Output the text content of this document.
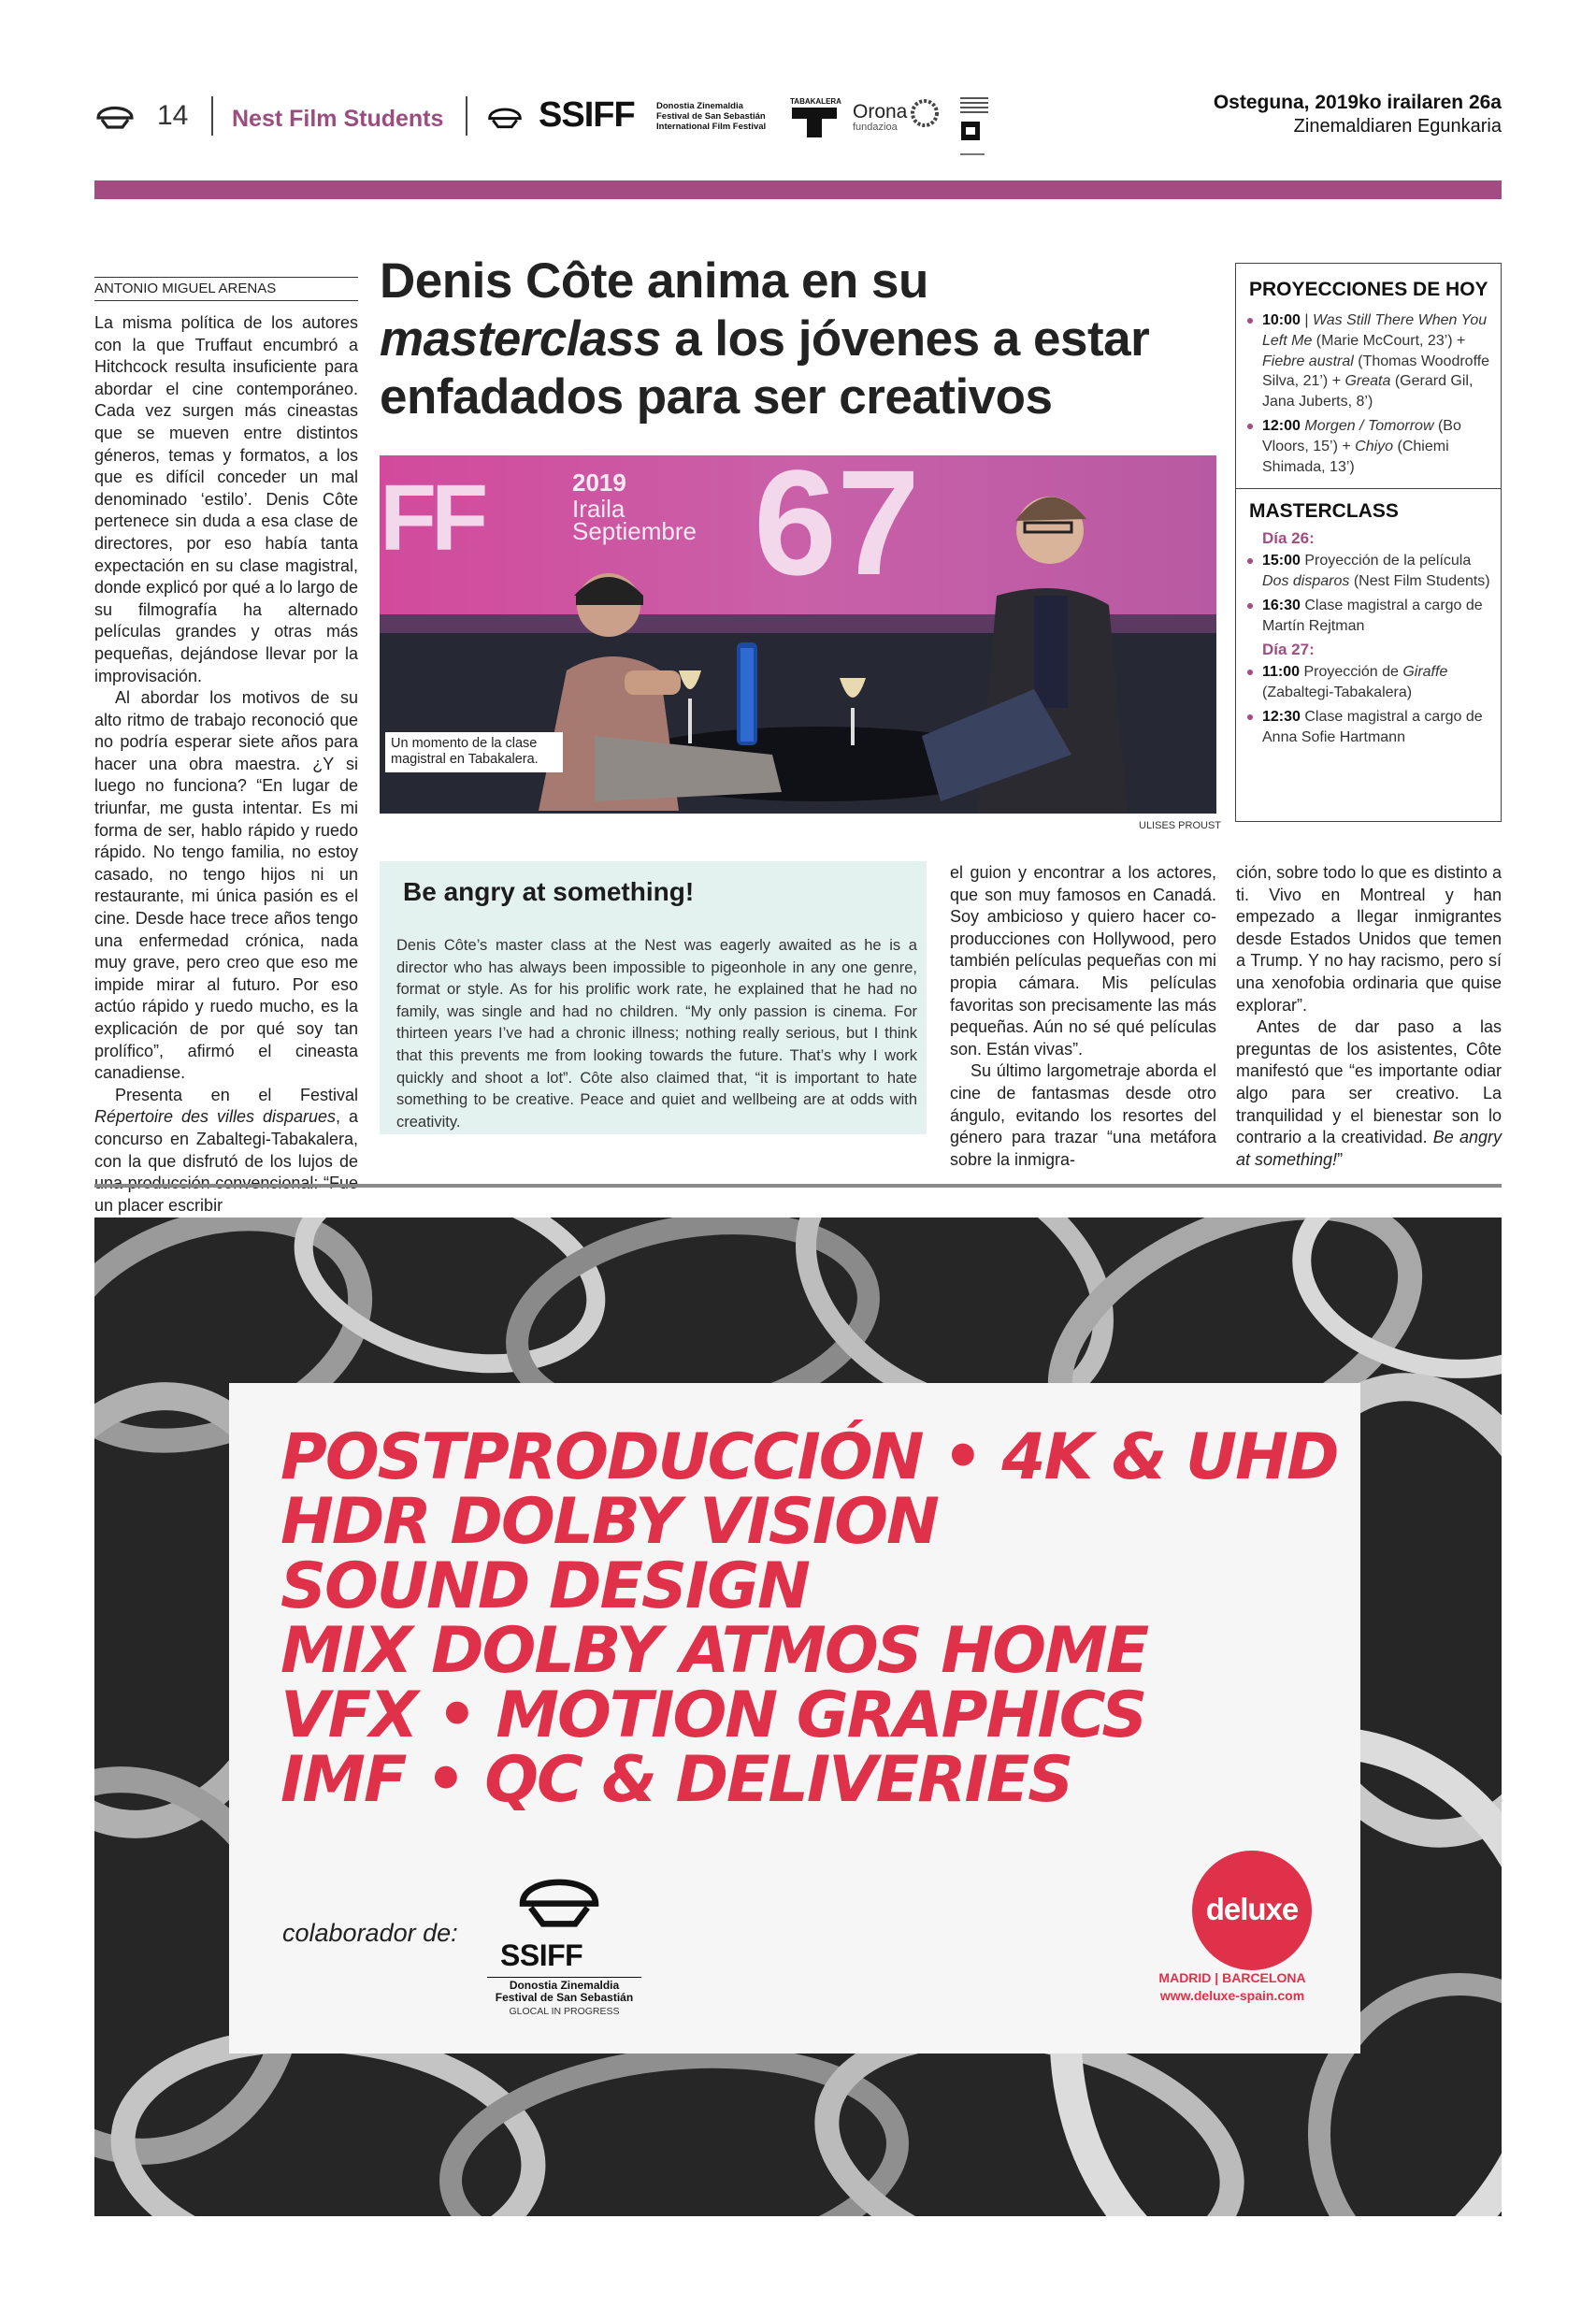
14 Nest Film Students	SSIFF Donostia Zinemaldia
Festival de San Sebastián
International Film Festival
TABAKALERA Orona
fundazioa
Osteguna, 2019ko irailaren 26a
Zinemaldiaren Egunkaria
ANTONIO MIGUEL ARENAS

La misma política de los autores con la que Truffaut encumbró a Hitchcock resulta insuficiente para abordar el cine contemporáneo. Cada vez surgen más cineastas que se mueven entre distintos géneros, temas y formatos, a los que es difícil conceder un mal denominado ‘estilo’. Denis Côte pertenece sin duda a esa clase de directores, por eso había tanta expectación en su clase magistral, donde explicó por qué a lo largo de su filmografía ha alternado películas grandes y otras más pequeñas, dejándose llevar por la improvisación.

Al abordar los motivos de su alto ritmo de trabajo reconoció que no podría esperar siete años para hacer una obra maestra. ¿Y si luego no funciona? “En lugar de triunfar, me gusta intentar. Es mi forma de ser, hablo rápido y ruedo rápido. No tengo familia, no estoy casado, no tengo hijos ni un restaurante, mi única pasión es el cine. Desde hace trece años tengo una enfermedad crónica, nada muy grave, pero creo que eso me impide mirar al futuro. Por eso actúo rápido y ruedo mucho, es la explicación de por qué soy tan prolífico”, afirmó el cineasta canadiense.

Presenta en el Festival Répertoire des villes disparues, a concurso en Zabaltegi-Tabakalera, con la que disfrutó de los lujos de un placer escribir

Denis Côte anima en su
masterclass a los jóvenes a estar
enfadados para ser creativos
FF	2019
Iraila
Septiembre 67
Un momento de la clase magistral en Tabakalera.
ULISES PROUST
Be angry at something!
Denis Côte’s master class at the Nest was eagerly awaited as he is a director who has always been impossible to pigeonhole in any one genre, format or style. As for his prolific work rate, he explained that he had no family, was single and had no children. “My only passion is cinema. For thirteen years I’ve had a chronic illness; nothing really serious, but I think that this prevents me from looking towards the future. That’s why I work quickly and shoot a lot”. Côte also claimed that, “it is important to hate something to be creative. Peace and quiet and wellbeing are at odds with creativity.

el guion y encontrar a los actores, que son muy famosos en Canadá. Soy ambicioso y quiero hacer co-producciones con Hollywood, pero también películas pequeñas con mi propia cámara. Mis películas favoritas son precisamente las más pequeñas. Aún no sé qué películas son. Están vivas”.

Su último largometraje aborda el cine de fantasmas desde otro ángulo, evitando los resortes del género para trazar “una metáfora sobre la inmigra-

ción, sobre todo lo que es distinto a ti. Vivo en Montreal y han empezado a llegar inmigrantes desde Estados Unidos que temen a Trump. Y no hay racismo, pero sí una xenofobia ordinaria que quise explorar”.

Antes de dar paso a las preguntas de los asistentes, Côte manifestó que “es importante odiar algo para ser creativo. La tranquilidad y el bienestar son lo contrario a la creatividad. Be angry at something!”

PROYECCIONES DE HOY
10:00 | Was Still There When You Left Me (Marie McCourt, 23’) + Fiebre austral (Thomas Woodroffe Silva, 21’) + Greata (Gerard Gil, Jana Juberts, 8’)
12:00 Morgen / Tomorrow (Bo Vloors, 15’) + Chiyo (Chiemi Shimada, 13’)
MASTERCLASS
Día 26:
15:00 Proyección de la película Dos disparos (Nest Film Students)
16:30 Clase magistral a cargo de Martín Rejtman
Día 27:
11:00 Proyección de Giraffe (Zabaltegi-Tabakalera)
12:30 Clase magistral a cargo de Anna Sofie Hartmann
POSTPRODUCCIÓN • 4K & UHD
HDR DOLBY VISION
SOUND DESIGN
MIX DOLBY ATMOS HOME
VFX • MOTION GRAPHICS
IMF • QC & DELIVERIES
colaborador de:
SSIFF
Donostia Zinemaldia
Festival de San Sebastián
GLOCAL IN PROGRESS
deluxe
MADRID | BARCELONA
www.deluxe-spain.com
